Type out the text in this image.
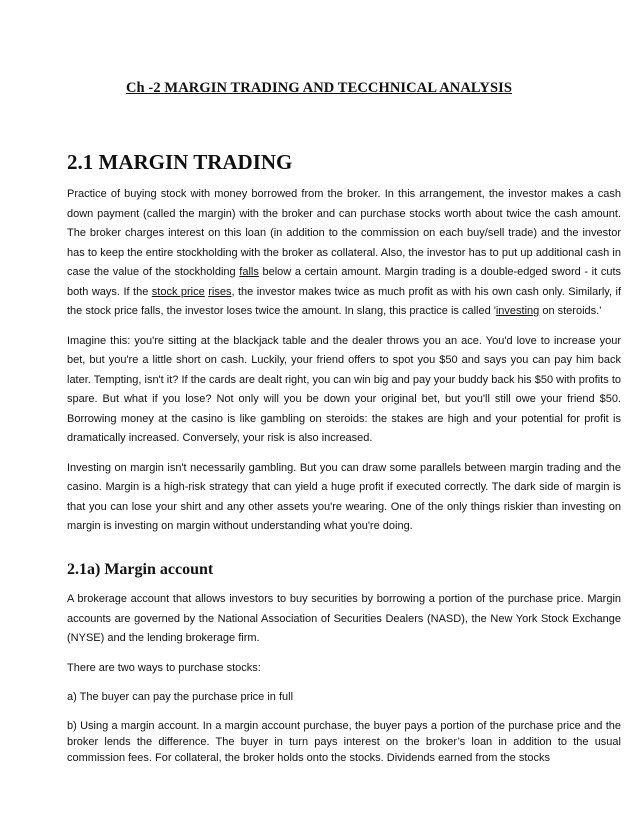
Ch -2 MARGIN TRADING AND TECCHNICAL ANALYSIS
2.1 MARGIN TRADING

Practice of buying stock with money borrowed from the broker. In this arrangement, the investor makes a cash down payment (called the margin) with the broker and can purchase stocks worth about twice the cash amount. The broker charges interest on this loan (in addition to the commission on each buy/sell trade) and the investor has to keep the entire stockholding with the broker as collateral. Also, the investor has to put up additional cash in case the value of the stockholding falls below a certain amount. Margin trading is a double-edged sword - it cuts both ways. If the stock price rises, the investor makes twice as much profit as with his own cash only. Similarly, if the stock price falls, the investor loses twice the amount. In slang, this practice is called 'investing on steroids.'

Imagine this: you're sitting at the blackjack table and the dealer throws you an ace. You'd love to increase your bet, but you're a little short on cash. Luckily, your friend offers to spot you $50 and says you can pay him back later. Tempting, isn't it? If the cards are dealt right, you can win big and pay your buddy back his $50 with profits to spare. But what if you lose? Not only will you be down your original bet, but you'll still owe your friend $50. Borrowing money at the casino is like gambling on steroids: the stakes are high and your potential for profit is dramatically increased. Conversely, your risk is also increased.

Investing on margin isn't necessarily gambling. But you can draw some parallels between margin trading and the casino. Margin is a high-risk strategy that can yield a huge profit if executed correctly. The dark side of margin is that you can lose your shirt and any other assets you're wearing. One of the only things riskier than investing on margin is investing on margin without understanding what you're doing.

2.1a) Margin account

A brokerage account that allows investors to buy securities by borrowing a portion of the purchase price. Margin accounts are governed by the National Association of Securities Dealers (NASD), the New York Stock Exchange (NYSE) and the lending brokerage firm.

There are two ways to purchase stocks:

a) The buyer can pay the purchase price in full

b) Using a margin account. In a margin account purchase, the buyer pays a portion of the purchase price and the broker lends the difference. The buyer in turn pays interest on the broker’s loan in addition to the usual commission fees. For collateral, the broker holds onto the stocks. Dividends earned from the stocks
